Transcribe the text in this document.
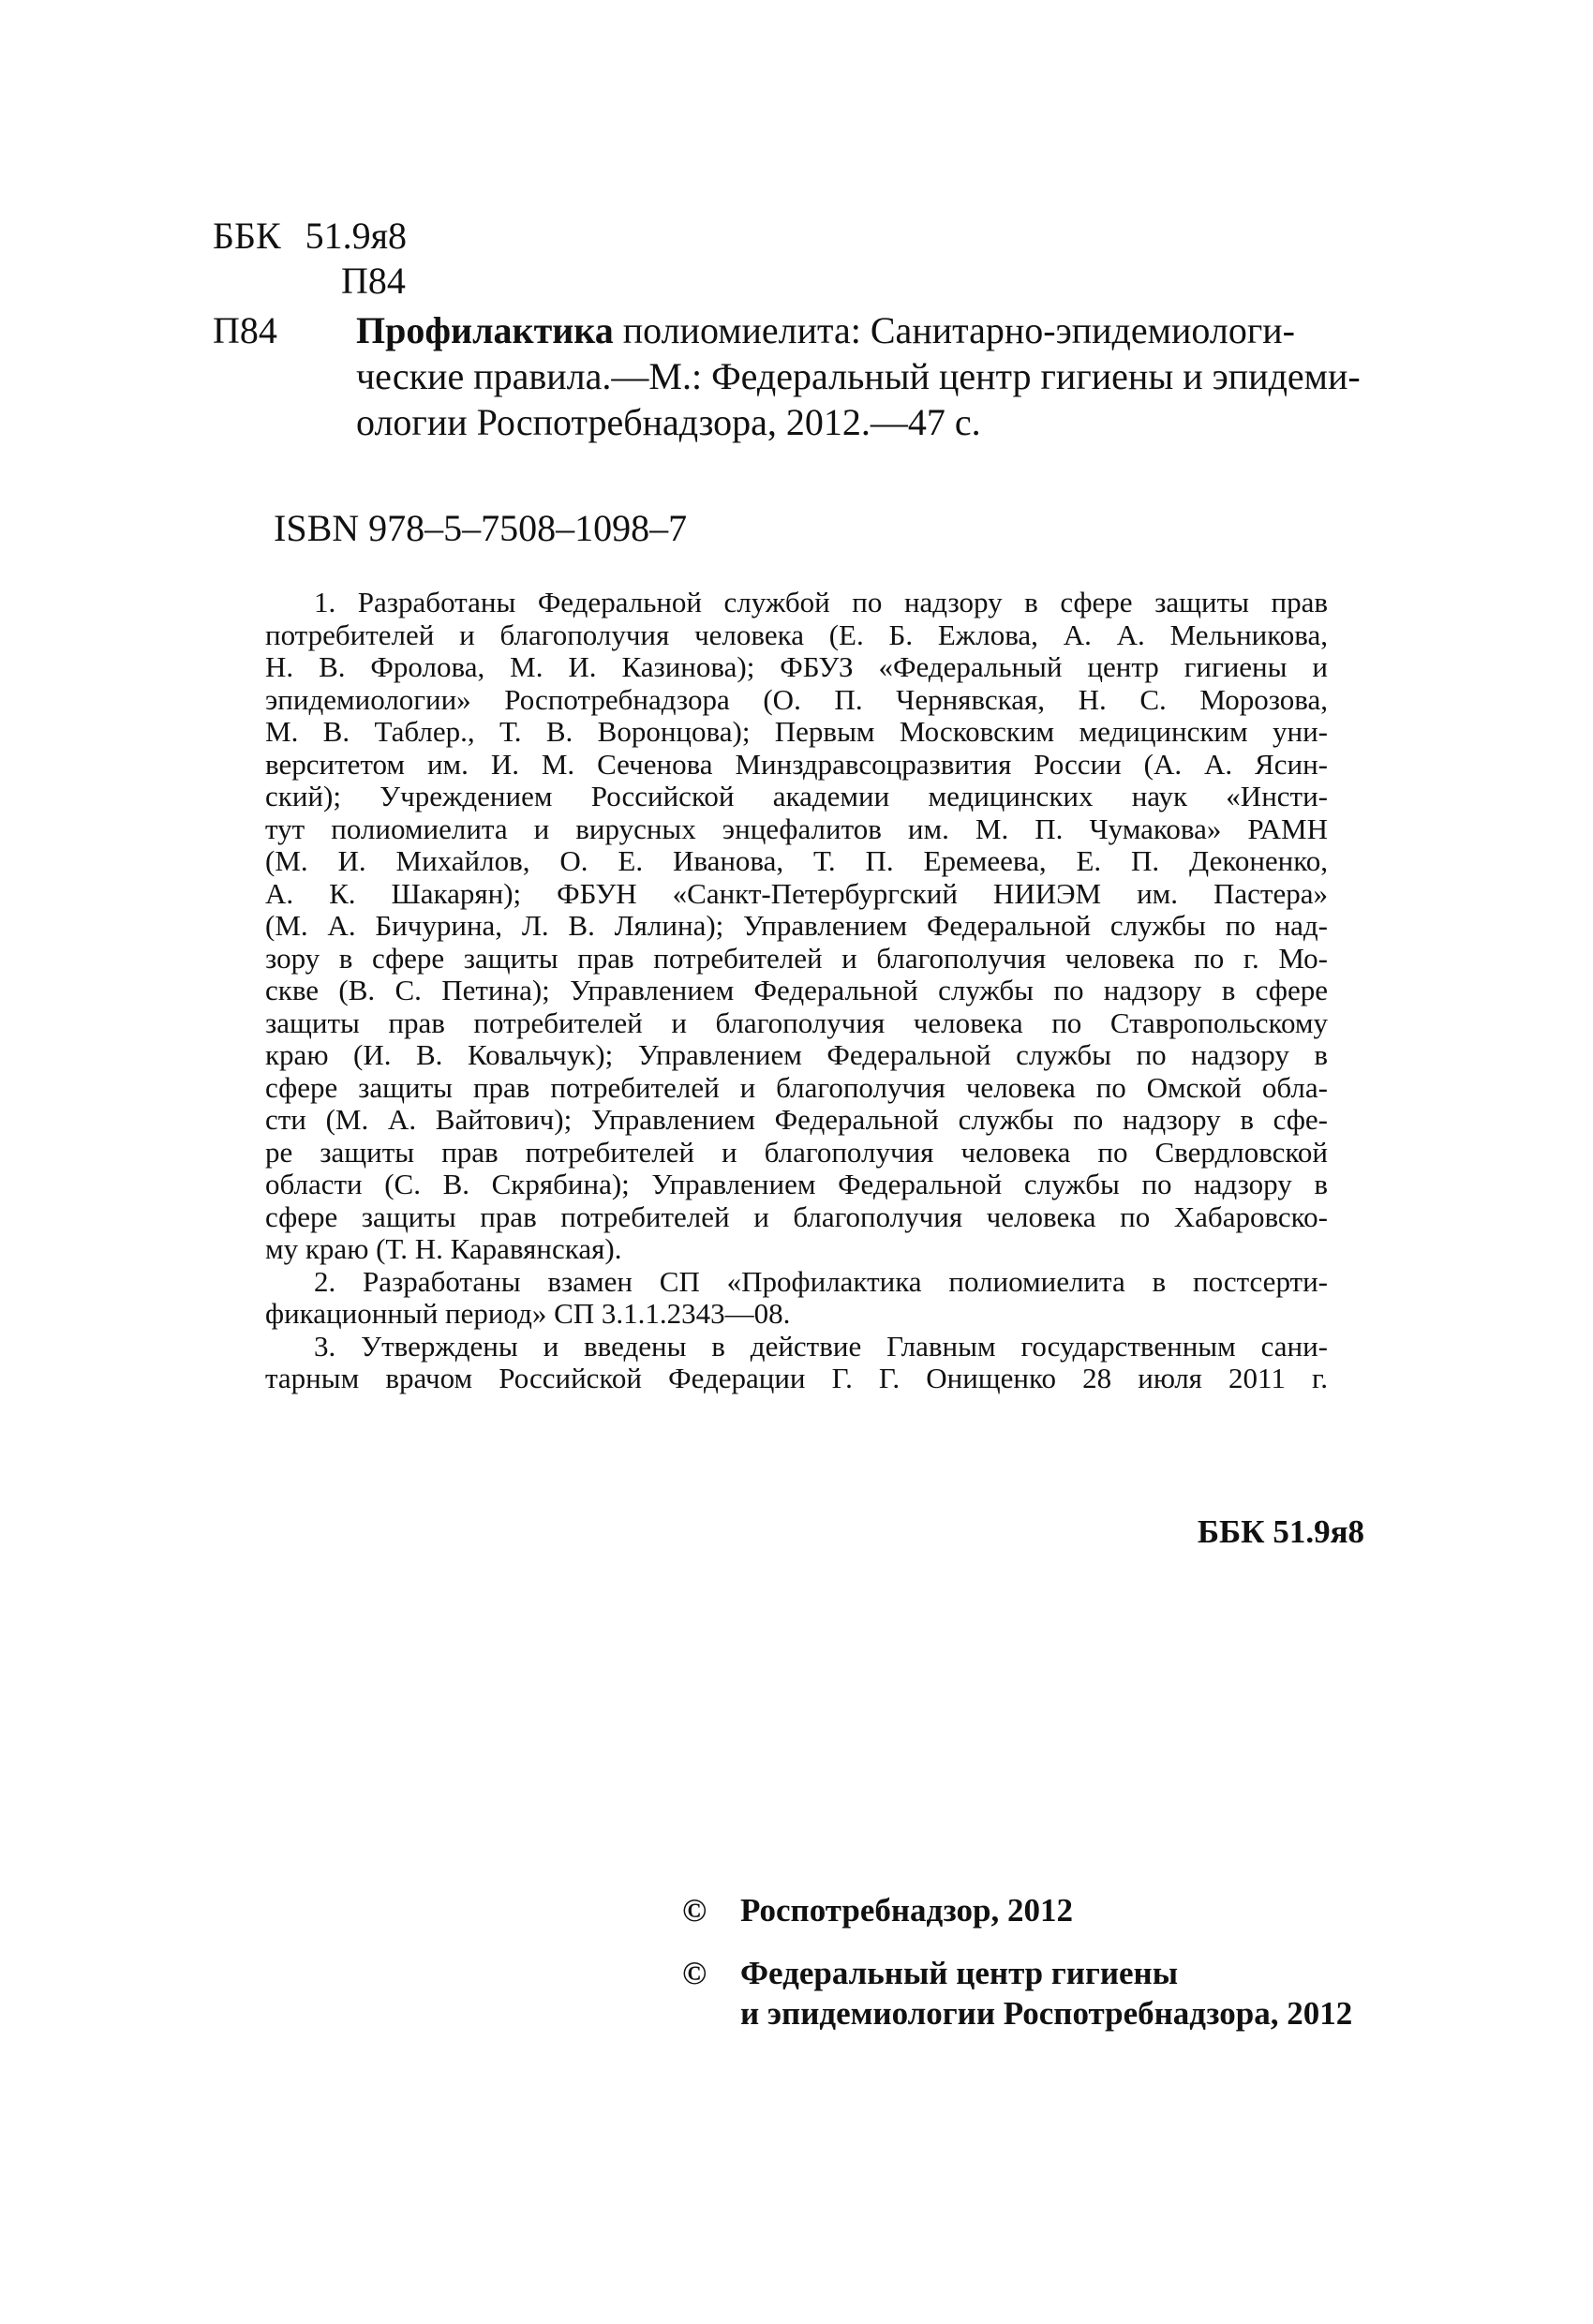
ББК 51.9я8
П84
П84 Профилактика полиомиелита: Санитарно-эпидемиологи-
ческие правила.—М.: Федеральный центр гигиены и эпидеми-
ологии Роспотребнадзора, 2012.—47 с.
ISBN 978–5–7508–1098–7
1. Разработаны Федеральной службой по надзору в сфере защиты прав
потребителей и благополучия человека (Е. Б. Ежлова, А. А. Мельникова,
Н. В. Фролова, М. И. Казинова); ФБУЗ «Федеральный центр гигиены и
эпидемиологии» Роспотребнадзора (О. П. Чернявская, Н. С. Морозова,
М. В. Таблер., Т. В. Воронцова); Первым Московским медицинским уни-
верситетом им. И. М. Сеченова Минздравсоцразвития России (А. А. Ясин-
ский); Учреждением Российской академии медицинских наук «Инсти-
тут полиомиелита и вирусных энцефалитов им. М. П. Чумакова» РАМН
(М. И. Михайлов, О. Е. Иванова, Т. П. Еремеева, Е. П. Деконенко,
А. К. Шакарян); ФБУН «Санкт-Петербургский НИИЭМ им. Пастера»
(М. А. Бичурина, Л. В. Лялина); Управлением Федеральной службы по над-
зору в сфере защиты прав потребителей и благополучия человека по г. Мо-
скве (В. С. Петина); Управлением Федеральной службы по надзору в сфере
защиты прав потребителей и благополучия человека по Ставропольскому
краю (И. В. Ковальчук); Управлением Федеральной службы по надзору в
сфере защиты прав потребителей и благополучия человека по Омской обла-
сти (М. А. Вайтович); Управлением Федеральной службы по надзору в сфе-
ре защиты прав потребителей и благополучия человека по Свердловской
области (С. В. Скрябина); Управлением Федеральной службы по надзору в
сфере защиты прав потребителей и благополучия человека по Хабаровско-
му краю (Т. Н. Каравянская).
2. Разработаны взамен СП «Профилактика полиомиелита в постсерти-
фикационный период» СП 3.1.1.2343—08.
3. Утверждены и введены в действие Главным государственным сани-
тарным врачом Российской Федерации Г. Г. Онищенко 28 июля 2011 г.
ББК 51.9я8
© Роспотребнадзор, 2012
© Федеральный центр гигиены
и эпидемиологии Роспотребнадзора, 2012
